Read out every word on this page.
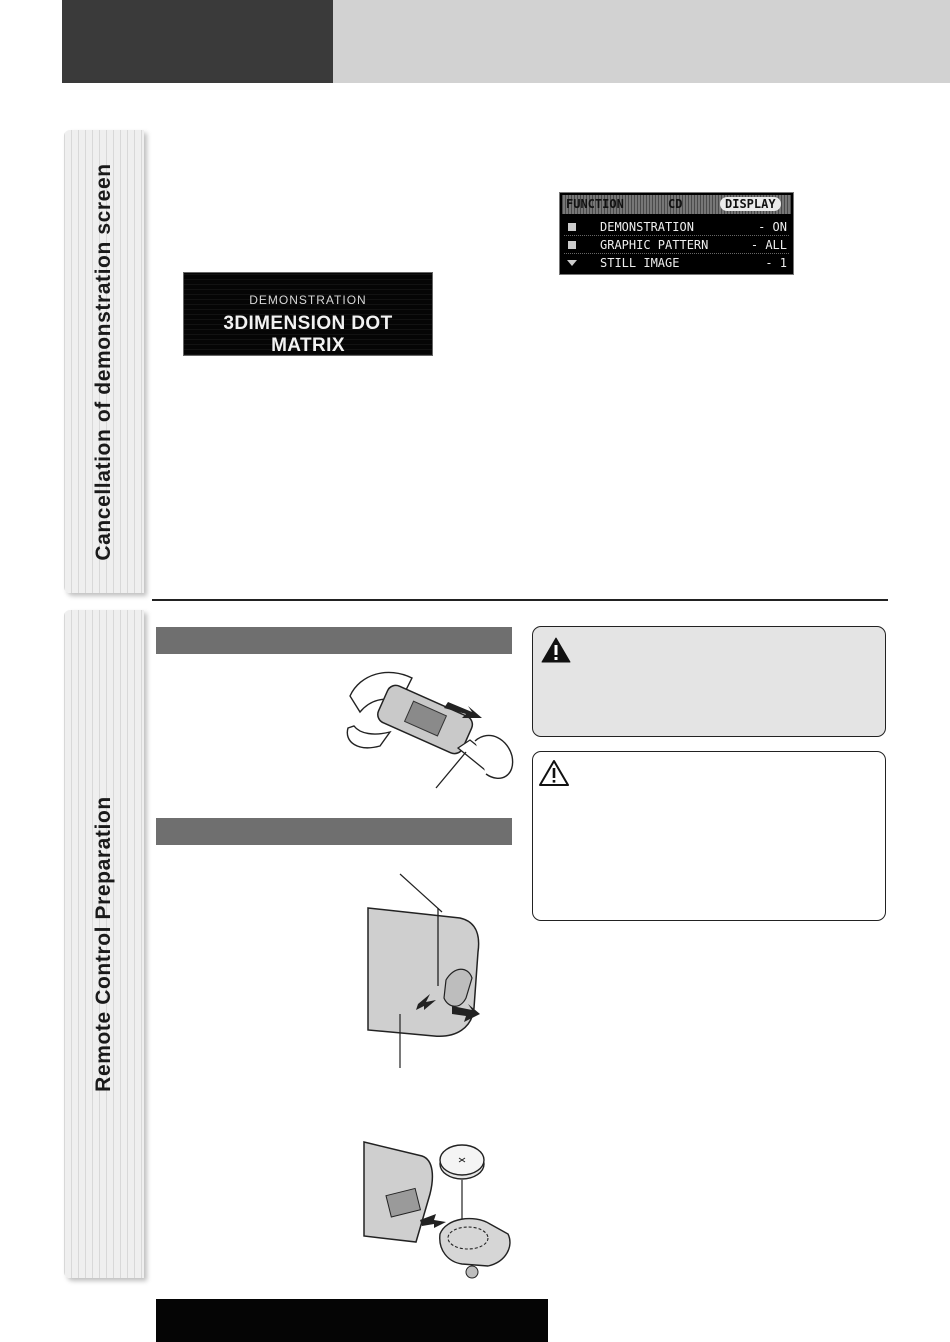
Cancellation of demonstration screen
Remote Control Preparation
DEMONSTRATION
3DIMENSION DOT MATRIX
FUNCTION	CD	DISPLAY
DEMONSTRATION	- ON
GRAPHIC PATTERN	- ALL
STILL IMAGE	- 1
